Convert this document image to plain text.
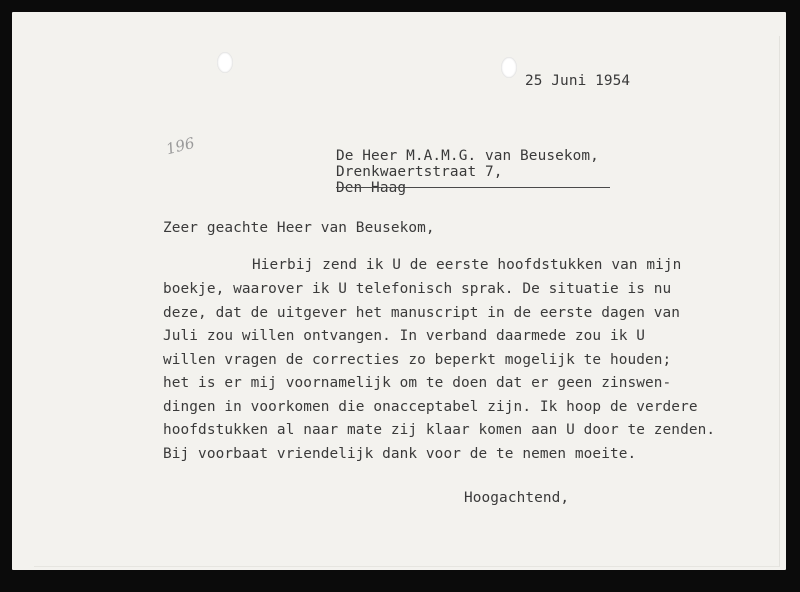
196
25 Juni 1954
De Heer M.A.M.G. van Beusekom,
Drenkwaertstraat 7,
Den Haag
Zeer geachte Heer van Beusekom,
Hierbij zend ik U de eerste hoofdstukken van mijn
boekje, waarover ik U telefonisch sprak. De situatie is nu
deze, dat de uitgever het manuscript in de eerste dagen van
Juli zou willen ontvangen. In verband daarmede zou ik U
willen vragen de correcties zo beperkt mogelijk te houden;
het is er mij voornamelijk om te doen dat er geen zinswen-
dingen in voorkomen die onacceptabel zijn. Ik hoop de verdere
hoofdstukken al naar mate zij klaar komen aan U door te zenden.
Bij voorbaat vriendelijk dank voor de te nemen moeite.
Hoogachtend,
